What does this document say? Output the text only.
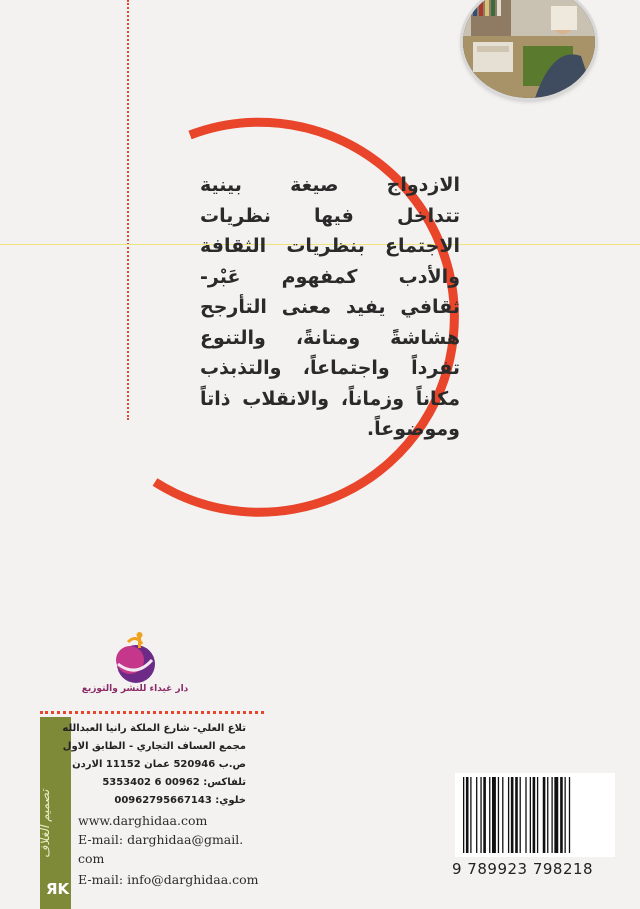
الازدواج صيغة بينية
تتداخل فيها نظريات
الاجتماع بنظريات الثقافة
والأدب كمفهوم عَبْر-
ثقافي يفيد معنى التأرجح
هشاشةً ومتانةً، والتنوع
تفرداً واجتماعاً، والتذبذب
مكاناً وزماناً، والانقلاب ذاتاً
وموضوعاً.
دار غيداء للنشر والتوزيع
تصميم الغلاف
ЯK
تلاع العلي- شارع الملكة رانيا العبدالله
مجمع العساف التجاري - الطابق الاول
ص.ب 520946 عمان 11152 الاردن
تلفاكس: 00962 6 5353402
خلوي: 00962795667143
www.darghidaa.com
E-mail: darghidaa@gmail.
com
E-mail: info@darghidaa.com
9 789923 798218
